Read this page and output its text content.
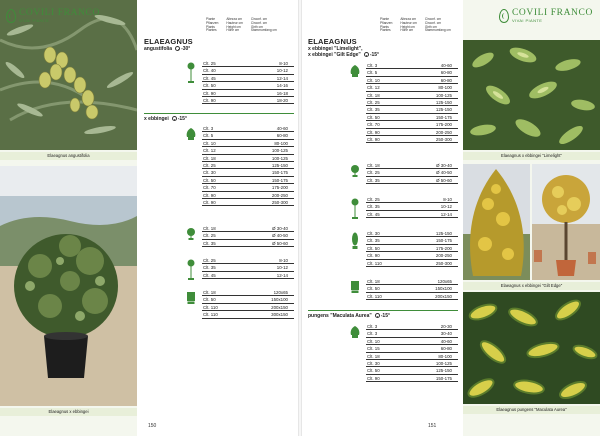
Elaeagnus angustifolia
Elaeagnus x ebbingei
Elaeagnus x ebbingei "Limelight"
Elaeagnus x ebbingei "Gilt Edge"
Elaeagnus pungens "Maculata Aurea"
COVILI FRANCO
VIVAI PIANTE	Piante
Pflanzen
Plants
Plantes
Altezza cm
Hauteur cm
Height cm
Höhe cm
Circonf. cm
Circonf. cm
Girth cm
Stammumfang cm
COVILI FRANCO
VIVAI PIANTE
Piante
Pflanzen
Plants
Plantes
Altezza cm
Hauteur cm
Height cm
Höhe cm
Circonf. cm
Circonf. cm
Girth cm
Stammumfang cm
ELAEAGNUS
angustifolia -30°
Clt. 25	8-10
Clt. 40	10-12
Clt. 45	12-14
Clt. 50	14-16
Clt. 90	16-18
Clt. 90	18-20
x ebbingei -15°
Clt. 3	40-60
Clt. 5	60-80
Clt. 10	80-100
Clt. 12	100-125
Clt. 18	100-125
Clt. 25	125-150
Clt. 30	150-175
Clt. 50	150-175
Clt. 70	175-200
Clt. 90	200-250
Clt. 90	250-300
Clt. 18	Ø 30-40
Clt. 25	Ø 40-50
Clt. 35	Ø 50-60
Clt. 25	8-10
Clt. 35	10-12
Clt. 45	12-14
Clt. 18	120x65
Clt. 50	150x100
Clt. 110	200x150
Clt. 110	300x150
150
ELAEAGNUS
x ebbingei "Limelight",
x ebbingei "Gilt Edge" -15°
Clt. 3	40-60
Clt. 5	60-80
Clt. 10	60-80
Clt. 12	80-100
Clt. 18	100-125
Clt. 25	125-150
Clt. 35	125-150
Clt. 50	150-175
Clt. 70	175-200
Clt. 90	200-250
Clt. 90	250-300
Clt. 18	Ø 30-40
Clt. 25	Ø 40-50
Clt. 35	Ø 50-60
Clt. 25	8-10
Clt. 35	10-12
Clt. 45	12-14
Clt. 30	125-150
Clt. 35	150-175
Clt. 50	175-200
Clt. 90	200-250
Clt. 110	250-300
Clt. 18	120x65
Clt. 50	150x100
Clt. 110	200x150
pungens "Maculata Aurea" -15°
Clt. 3	20-30
Clt. 3	30-40
Clt. 10	40-60
Clt. 15	60-80
Clt. 18	80-100
Clt. 30	100-125
Clt. 50	125-150
Clt. 90	150-175
151
